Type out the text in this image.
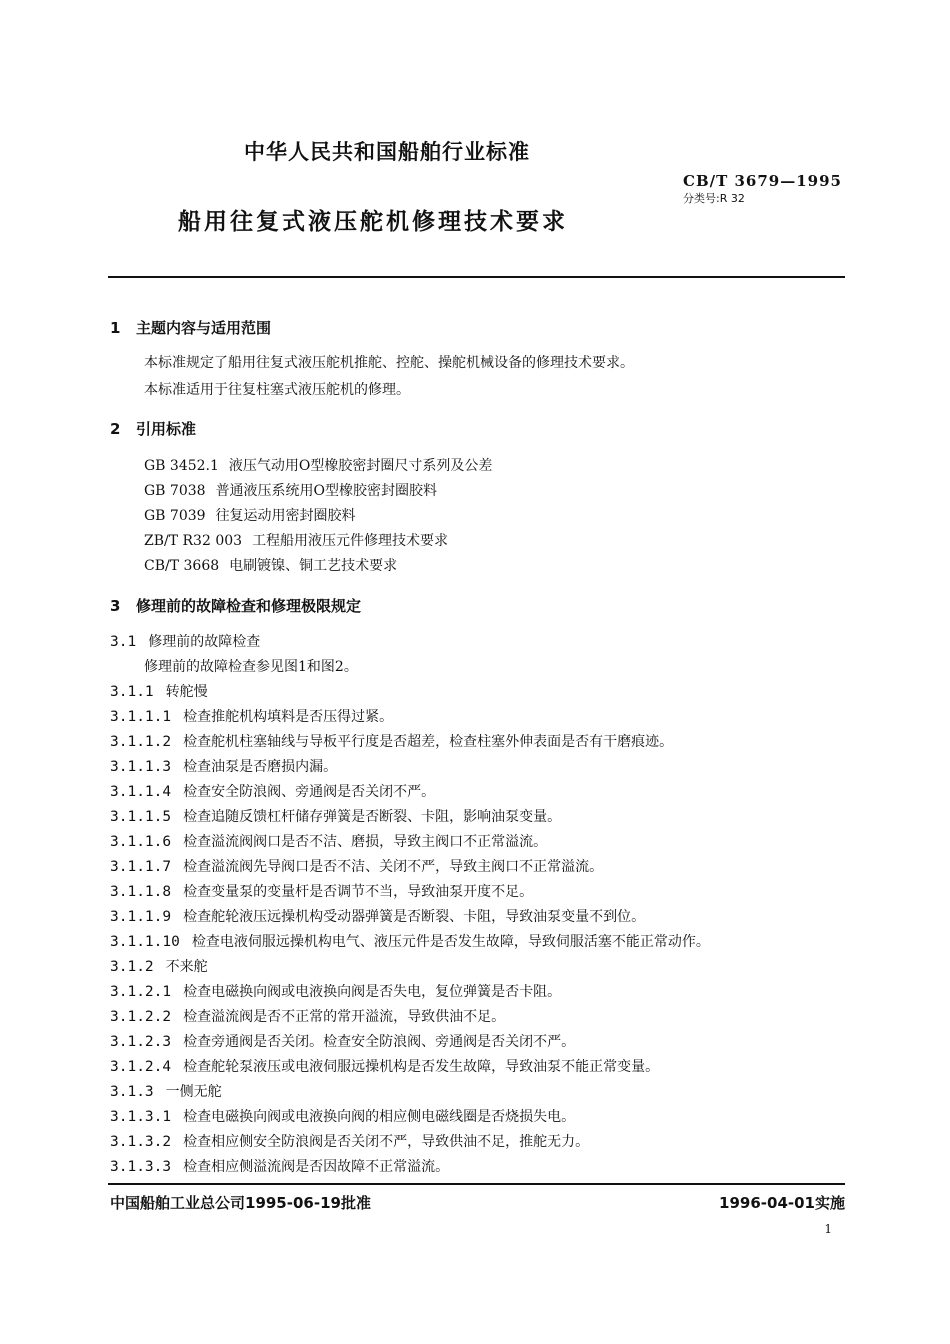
中华人民共和国船舶行业标准
CB/T 3679—1995
分类号:R 32
船用往复式液压舵机修理技术要求
1 主题内容与适用范围
本标准规定了船用往复式液压舵机推舵、控舵、操舵机械设备的修理技术要求。
本标准适用于往复柱塞式液压舵机的修理。
2 引用标准
GB 3452.1 液压气动用O型橡胶密封圈尺寸系列及公差
GB 7038 普通液压系统用O型橡胶密封圈胶料
GB 7039 往复运动用密封圈胶料
ZB/T R32 003 工程船用液压元件修理技术要求
CB/T 3668 电刷镀镍、铜工艺技术要求
3 修理前的故障检查和修理极限规定
3.1 修理前的故障检查
修理前的故障检查参见图1和图2。
3.1.1 转舵慢
3.1.1.1 检查推舵机构填料是否压得过紧。
3.1.1.2 检查舵机柱塞轴线与导板平行度是否超差，检查柱塞外伸表面是否有干磨痕迹。
3.1.1.3 检查油泵是否磨损内漏。
3.1.1.4 检查安全防浪阀、旁通阀是否关闭不严。
3.1.1.5 检查追随反馈杠杆储存弹簧是否断裂、卡阻，影响油泵变量。
3.1.1.6 检查溢流阀阀口是否不洁、磨损，导致主阀口不正常溢流。
3.1.1.7 检查溢流阀先导阀口是否不洁、关闭不严，导致主阀口不正常溢流。
3.1.1.8 检查变量泵的变量杆是否调节不当，导致油泵开度不足。
3.1.1.9 检查舵轮液压远操机构受动器弹簧是否断裂、卡阻，导致油泵变量不到位。
3.1.1.10 检查电液伺服远操机构电气、液压元件是否发生故障，导致伺服活塞不能正常动作。
3.1.2 不来舵
3.1.2.1 检查电磁换向阀或电液换向阀是否失电，复位弹簧是否卡阻。
3.1.2.2 检查溢流阀是否不正常的常开溢流，导致供油不足。
3.1.2.3 检查旁通阀是否关闭。检查安全防浪阀、旁通阀是否关闭不严。
3.1.2.4 检查舵轮泵液压或电液伺服远操机构是否发生故障，导致油泵不能正常变量。
3.1.3 一侧无舵
3.1.3.1 检查电磁换向阀或电液换向阀的相应侧电磁线圈是否烧损失电。
3.1.3.2 检查相应侧安全防浪阀是否关闭不严，导致供油不足，推舵无力。
3.1.3.3 检查相应侧溢流阀是否因故障不正常溢流。
中国船舶工业总公司1995-06-19批准	1996-04-01实施
1
